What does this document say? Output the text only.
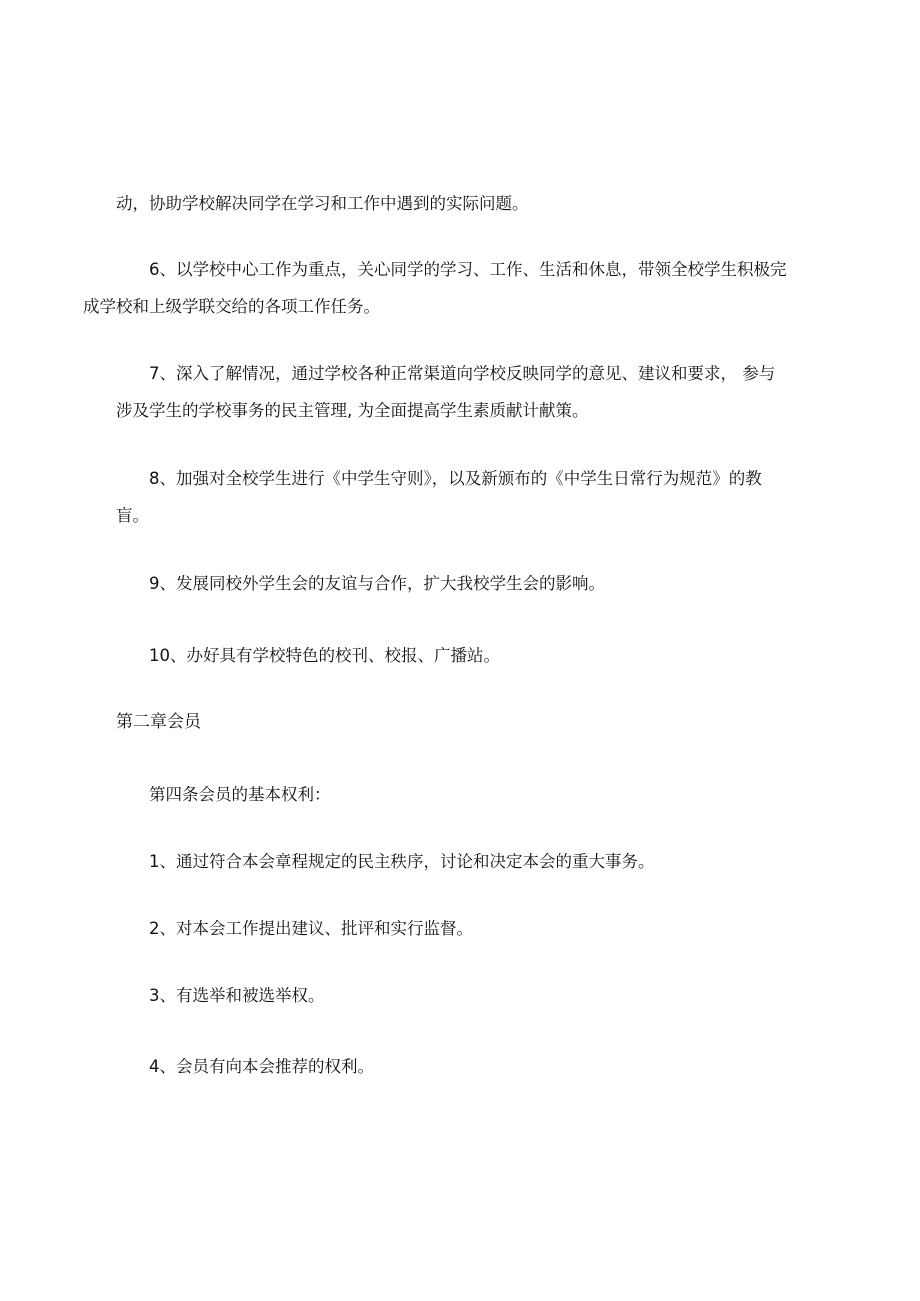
动，协助学校解决同学在学习和工作中遇到的实际问题。

6、以学校中心工作为重点，关心同学的学习、工作、生活和休息，带领全校学生积极完
成学校和上级学联交给的各项工作任务。

7、深入了解情况，通过学校各种正常渠道向学校反映同学的意见、建议和要求， 参与
涉及学生的学校事务的民主管理, 为全面提高学生素质献计献策。

8、加强对全校学生进行《中学生守则》，以及新颁布的《中学生日常行为规范》的教
盲。

9、发展同校外学生会的友谊与合作，扩大我校学生会的影响。

10、办好具有学校特色的校刊、校报、广播站。

第二章会员

第四条会员的基本权利：

1、通过符合本会章程规定的民主秩序，讨论和决定本会的重大事务。

2、对本会工作提出建议、批评和实行监督。

3、有选举和被选举权。

4、会员有向本会推荐的权利。
